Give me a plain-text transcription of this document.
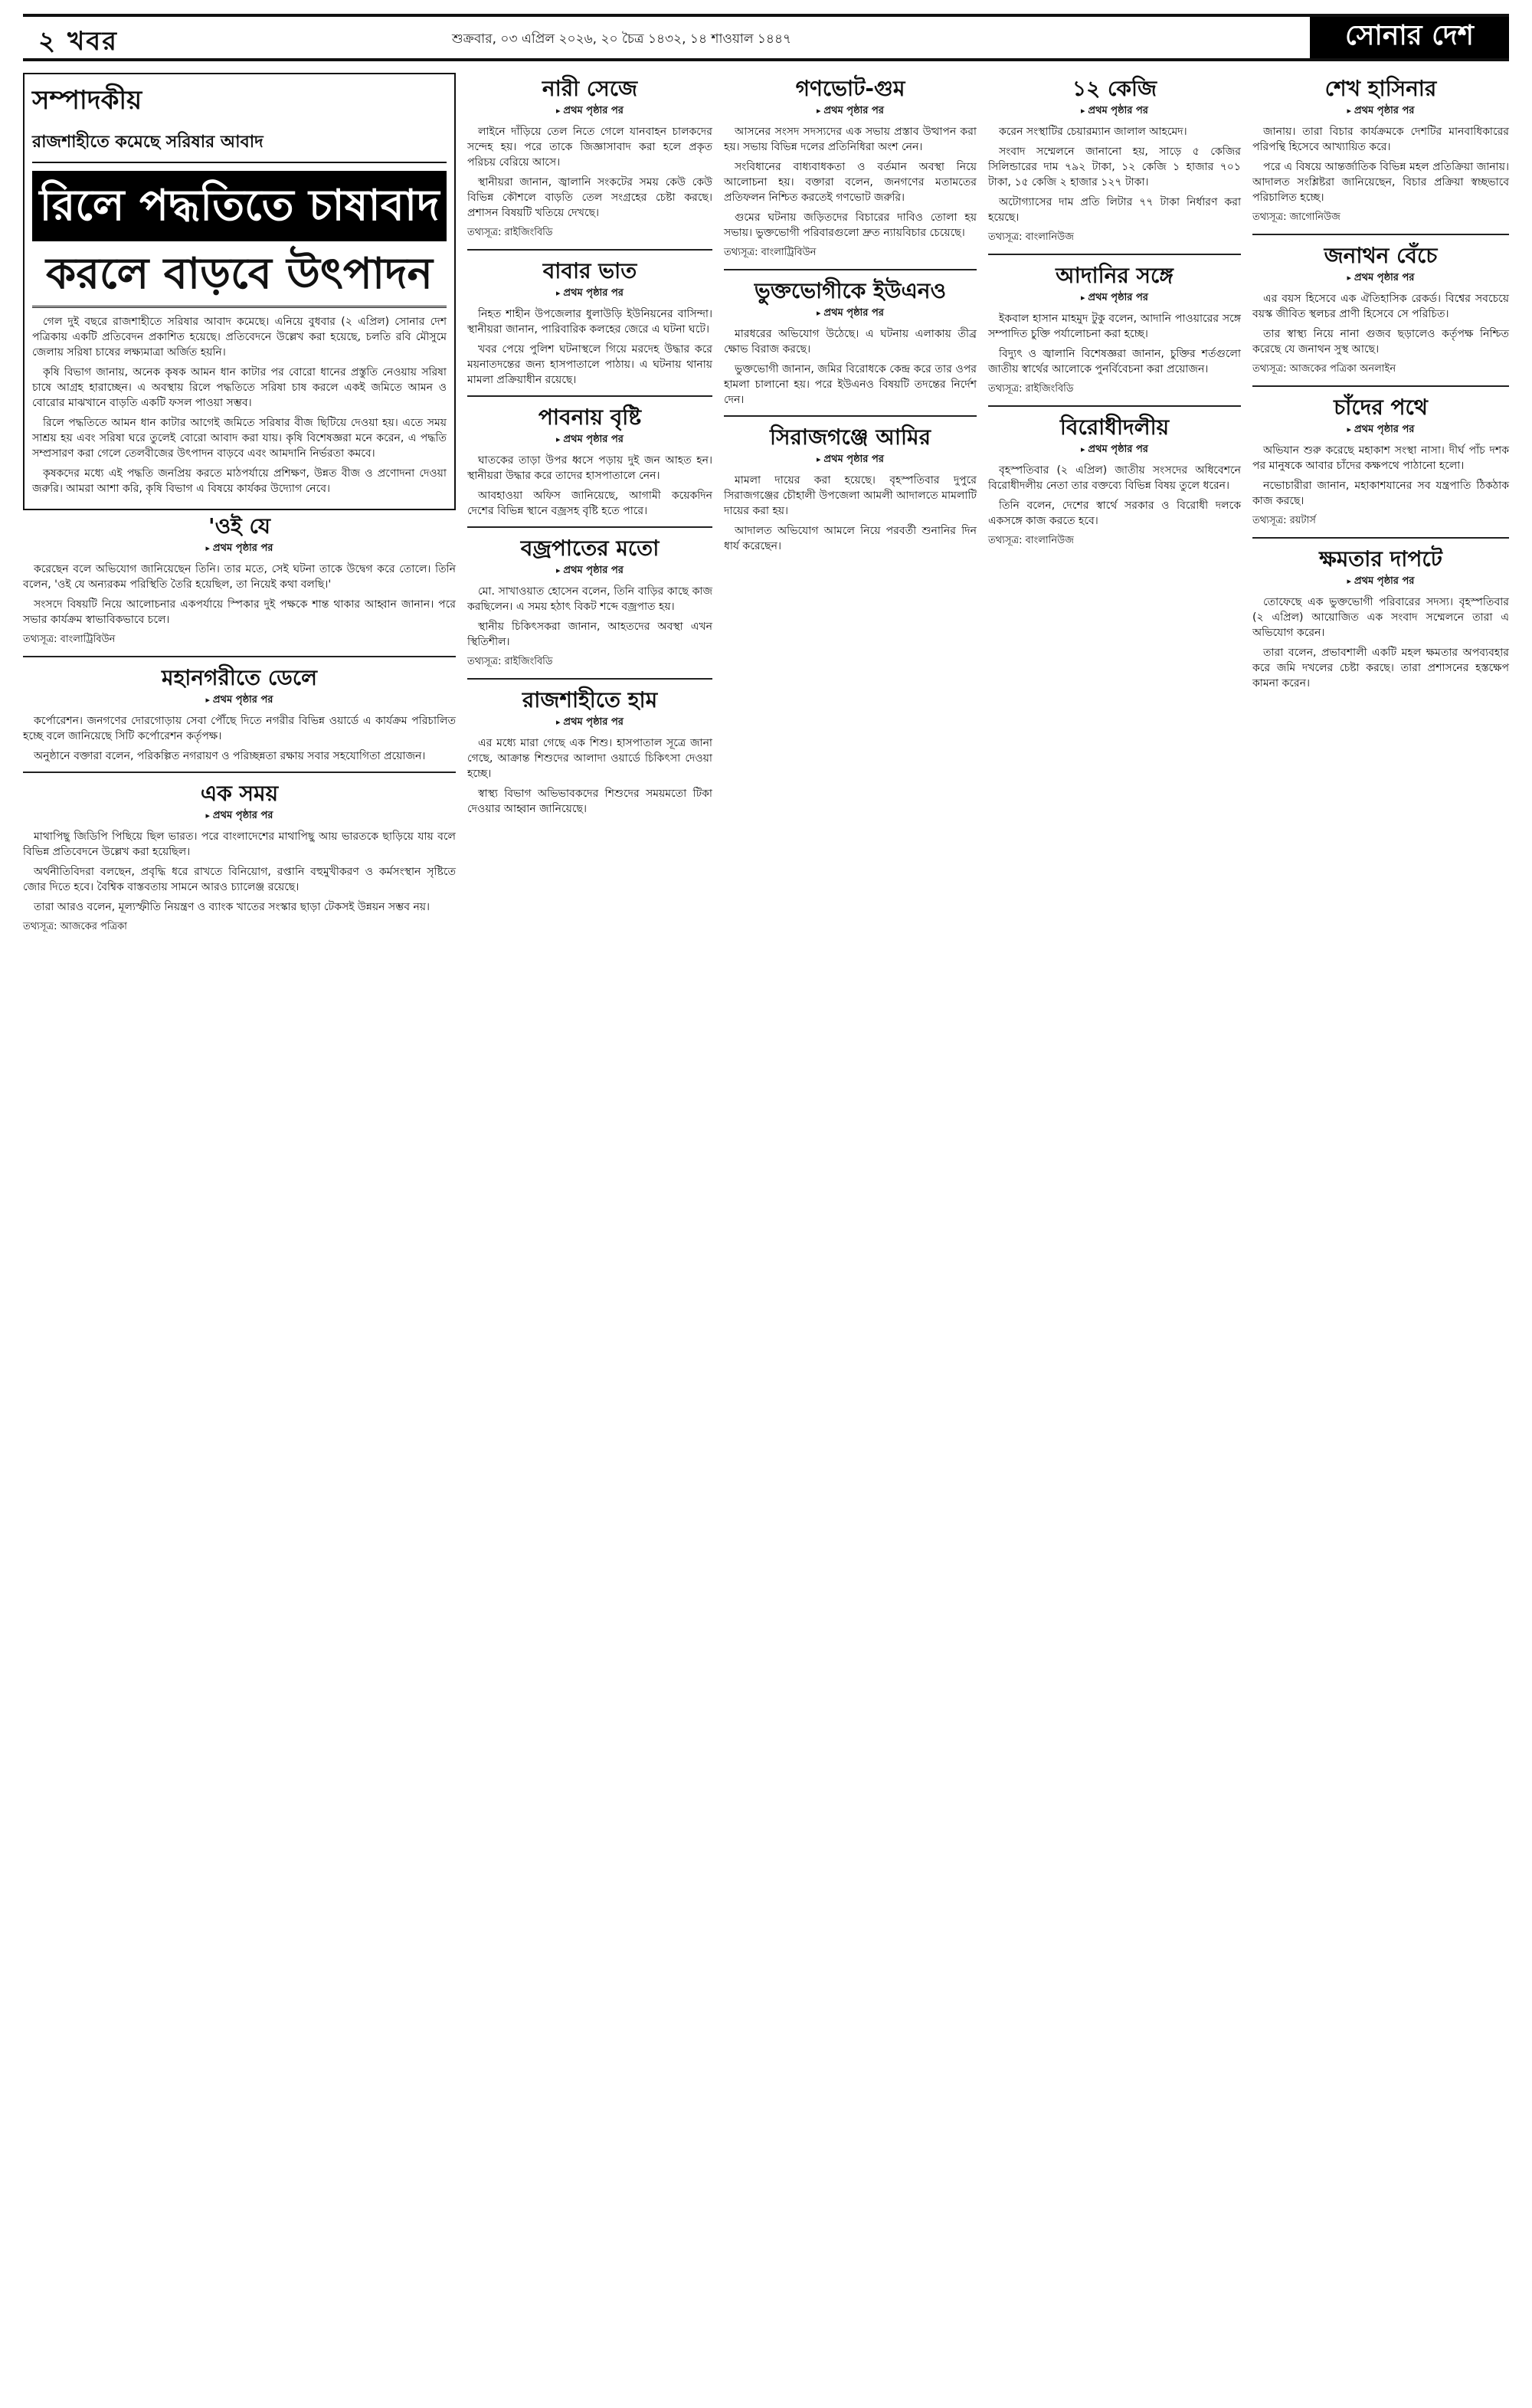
২ খবর	শুক্রবার, ০৩ এপ্রিল ২০২৬, ২০ চৈত্র ১৪৩২, ১৪ শাওয়াল ১৪৪৭	সোনার দেশ
সম্পাদকীয়
রাজশাহীতে কমেছে সরিষার আবাদ
রিলে পদ্ধতিতে চাষাবাদ
করলে বাড়বে উৎপাদন

গেল দুই বছরে রাজশাহীতে সরিষার আবাদ কমেছে। এনিয়ে বুধবার (২ এপ্রিল) সোনার দেশ পত্রিকায় একটি প্রতিবেদন প্রকাশিত হয়েছে। প্রতিবেদনে উল্লেখ করা হয়েছে, চলতি রবি মৌসুমে জেলায় সরিষা চাষের লক্ষ্যমাত্রা অর্জিত হয়নি।

কৃষি বিভাগ জানায়, অনেক কৃষক আমন ধান কাটার পর বোরো ধানের প্রস্তুতি নেওয়ায় সরিষা চাষে আগ্রহ হারাচ্ছেন। এ অবস্থায় রিলে পদ্ধতিতে সরিষা চাষ করলে একই জমিতে আমন ও বোরোর মাঝখানে বাড়তি একটি ফসল পাওয়া সম্ভব।

রিলে পদ্ধতিতে আমন ধান কাটার আগেই জমিতে সরিষার বীজ ছিটিয়ে দেওয়া হয়। এতে সময় সাশ্রয় হয় এবং সরিষা ঘরে তুলেই বোরো আবাদ করা যায়। কৃষি বিশেষজ্ঞরা মনে করেন, এ পদ্ধতি সম্প্রসারণ করা গেলে তেলবীজের উৎপাদন বাড়বে এবং আমদানি নির্ভরতা কমবে।

কৃষকদের মধ্যে এই পদ্ধতি জনপ্রিয় করতে মাঠপর্যায়ে প্রশিক্ষণ, উন্নত বীজ ও প্রণোদনা দেওয়া জরুরি। আমরা আশা করি, কৃষি বিভাগ এ বিষয়ে কার্যকর উদ্যোগ নেবে।

'ওই যে
▸ প্রথম পৃষ্ঠার পর

করেছেন বলে অভিযোগ জানিয়েছেন তিনি। তার মতে, সেই ঘটনা তাকে উদ্বেগ করে তোলে। তিনি বলেন, 'ওই যে অন্যরকম পরিস্থিতি তৈরি হয়েছিল, তা নিয়েই কথা বলছি।'

সংসদে বিষয়টি নিয়ে আলোচনার একপর্যায়ে স্পিকার দুই পক্ষকে শান্ত থাকার আহ্বান জানান। পরে সভার কার্যক্রম স্বাভাবিকভাবে চলে।

তথ্যসূত্র: বাংলাট্রিবিউন
মহানগরীতে ডেলে
▸ প্রথম পৃষ্ঠার পর

কর্পোরেশন। জনগণের দোরগোড়ায় সেবা পৌঁছে দিতে নগরীর বিভিন্ন ওয়ার্ডে এ কার্যক্রম পরিচালিত হচ্ছে বলে জানিয়েছে সিটি কর্পোরেশন কর্তৃপক্ষ।

অনুষ্ঠানে বক্তারা বলেন, পরিকল্পিত নগরায়ণ ও পরিচ্ছন্নতা রক্ষায় সবার সহযোগিতা প্রয়োজন।

এক সময়
▸ প্রথম পৃষ্ঠার পর

মাথাপিছু জিডিপি পিছিয়ে ছিল ভারত। পরে বাংলাদেশের মাথাপিছু আয় ভারতকে ছাড়িয়ে যায় বলে বিভিন্ন প্রতিবেদনে উল্লেখ করা হয়েছিল।

অর্থনীতিবিদরা বলছেন, প্রবৃদ্ধি ধরে রাখতে বিনিয়োগ, রপ্তানি বহুমুখীকরণ ও কর্মসংস্থান সৃষ্টিতে জোর দিতে হবে। বৈশ্বিক বাস্তবতায় সামনে আরও চ্যালেঞ্জ রয়েছে।

তারা আরও বলেন, মূল্যস্ফীতি নিয়ন্ত্রণ ও ব্যাংক খাতের সংস্কার ছাড়া টেকসই উন্নয়ন সম্ভব নয়।

তথ্যসূত্র: আজকের পত্রিকা
নারী সেজে
▸ প্রথম পৃষ্ঠার পর

লাইনে দাঁড়িয়ে তেল নিতে গেলে যানবাহন চালকদের সন্দেহ হয়। পরে তাকে জিজ্ঞাসাবাদ করা হলে প্রকৃত পরিচয় বেরিয়ে আসে।

স্থানীয়রা জানান, জ্বালানি সংকটের সময় কেউ কেউ বিভিন্ন কৌশলে বাড়তি তেল সংগ্রহের চেষ্টা করছে। প্রশাসন বিষয়টি খতিয়ে দেখছে।

তথ্যসূত্র: রাইজিংবিডি
বাবার ভাত
▸ প্রথম পৃষ্ঠার পর

নিহত শাহীন উপজেলার ধুলাউড়ি ইউনিয়নের বাসিন্দা। স্থানীয়রা জানান, পারিবারিক কলহের জেরে এ ঘটনা ঘটে।

খবর পেয়ে পুলিশ ঘটনাস্থলে গিয়ে মরদেহ উদ্ধার করে ময়নাতদন্তের জন্য হাসপাতালে পাঠায়। এ ঘটনায় থানায় মামলা প্রক্রিয়াধীন রয়েছে।

পাবনায় বৃষ্টি
▸ প্রথম পৃষ্ঠার পর

ঘাতকের তাড়া উপর ধ্বসে পড়ায় দুই জন আহত হন। স্থানীয়রা উদ্ধার করে তাদের হাসপাতালে নেন।

আবহাওয়া অফিস জানিয়েছে, আগামী কয়েকদিন দেশের বিভিন্ন স্থানে বজ্রসহ বৃষ্টি হতে পারে।

বজ্রপাতের মতো
▸ প্রথম পৃষ্ঠার পর

মো. সাখাওয়াত হোসেন বলেন, তিনি বাড়ির কাছে কাজ করছিলেন। এ সময় হঠাৎ বিকট শব্দে বজ্রপাত হয়।

স্থানীয় চিকিৎসকরা জানান, আহতদের অবস্থা এখন স্থিতিশীল।

তথ্যসূত্র: রাইজিংবিডি
রাজশাহীতে হাম
▸ প্রথম পৃষ্ঠার পর

এর মধ্যে মারা গেছে এক শিশু। হাসপাতাল সূত্রে জানা গেছে, আক্রান্ত শিশুদের আলাদা ওয়ার্ডে চিকিৎসা দেওয়া হচ্ছে।

স্বাস্থ্য বিভাগ অভিভাবকদের শিশুদের সময়মতো টিকা দেওয়ার আহ্বান জানিয়েছে।

গণভোট-গুম
▸ প্রথম পৃষ্ঠার পর

আসনের সংসদ সদস্যদের এক সভায় প্রস্তাব উত্থাপন করা হয়। সভায় বিভিন্ন দলের প্রতিনিধিরা অংশ নেন।

সংবিধানের বাধ্যবাধকতা ও বর্তমান অবস্থা নিয়ে আলোচনা হয়। বক্তারা বলেন, জনগণের মতামতের প্রতিফলন নিশ্চিত করতেই গণভোট জরুরি।

গুমের ঘটনায় জড়িতদের বিচারের দাবিও তোলা হয় সভায়। ভুক্তভোগী পরিবারগুলো দ্রুত ন্যায়বিচার চেয়েছে।

তথ্যসূত্র: বাংলাট্রিবিউন
ভুক্তভোগীকে ইউএনও
▸ প্রথম পৃষ্ঠার পর

মারধরের অভিযোগ উঠেছে। এ ঘটনায় এলাকায় তীব্র ক্ষোভ বিরাজ করছে।

ভুক্তভোগী জানান, জমির বিরোধকে কেন্দ্র করে তার ওপর হামলা চালানো হয়। পরে ইউএনও বিষয়টি তদন্তের নির্দেশ দেন।

সিরাজগঞ্জে আমির
▸ প্রথম পৃষ্ঠার পর

মামলা দায়ের করা হয়েছে। বৃহস্পতিবার দুপুরে সিরাজগঞ্জের চৌহালী উপজেলা আমলী আদালতে মামলাটি দায়ের করা হয়।

আদালত অভিযোগ আমলে নিয়ে পরবর্তী শুনানির দিন ধার্য করেছেন।

১২ কেজি
▸ প্রথম পৃষ্ঠার পর

করেন সংস্থাটির চেয়ারম্যান জালাল আহমেদ।

সংবাদ সম্মেলনে জানানো হয়, সাড়ে ৫ কেজির সিলিন্ডারের দাম ৭৯২ টাকা, ১২ কেজি ১ হাজার ৭০১ টাকা, ১৫ কেজি ২ হাজার ১২৭ টাকা।

অটোগ্যাসের দাম প্রতি লিটার ৭৭ টাকা নির্ধারণ করা হয়েছে।

তথ্যসূত্র: বাংলানিউজ
আদানির সঙ্গে
▸ প্রথম পৃষ্ঠার পর

ইকবাল হাসান মাহমুদ টুকু বলেন, আদানি পাওয়ারের সঙ্গে সম্পাদিত চুক্তি পর্যালোচনা করা হচ্ছে।

বিদ্যুৎ ও জ্বালানি বিশেষজ্ঞরা জানান, চুক্তির শর্তগুলো জাতীয় স্বার্থের আলোকে পুনর্বিবেচনা করা প্রয়োজন।

তথ্যসূত্র: রাইজিংবিডি
বিরোধীদলীয়
▸ প্রথম পৃষ্ঠার পর

বৃহস্পতিবার (২ এপ্রিল) জাতীয় সংসদের অধিবেশনে বিরোধীদলীয় নেতা তার বক্তব্যে বিভিন্ন বিষয় তুলে ধরেন।

তিনি বলেন, দেশের স্বার্থে সরকার ও বিরোধী দলকে একসঙ্গে কাজ করতে হবে।

তথ্যসূত্র: বাংলানিউজ
শেখ হাসিনার
▸ প্রথম পৃষ্ঠার পর

জানায়। তারা বিচার কার্যক্রমকে দেশটির মানবাধিকারের পরিপন্থি হিসেবে আখ্যায়িত করে।

পরে এ বিষয়ে আন্তর্জাতিক বিভিন্ন মহল প্রতিক্রিয়া জানায়। আদালত সংশ্লিষ্টরা জানিয়েছেন, বিচার প্রক্রিয়া স্বচ্ছভাবে পরিচালিত হচ্ছে।

তথ্যসূত্র: জাগোনিউজ
জনাথন বেঁচে
▸ প্রথম পৃষ্ঠার পর

এর বয়স হিসেবে এক ঐতিহাসিক রেকর্ড। বিশ্বের সবচেয়ে বয়স্ক জীবিত স্থলচর প্রাণী হিসেবে সে পরিচিত।

তার স্বাস্থ্য নিয়ে নানা গুজব ছড়ালেও কর্তৃপক্ষ নিশ্চিত করেছে যে জনাথন সুস্থ আছে।

তথ্যসূত্র: আজকের পত্রিকা অনলাইন
চাঁদের পথে
▸ প্রথম পৃষ্ঠার পর

অভিযান শুরু করেছে মহাকাশ সংস্থা নাসা। দীর্ঘ পাঁচ দশক পর মানুষকে আবার চাঁদের কক্ষপথে পাঠানো হলো।

নভোচারীরা জানান, মহাকাশযানের সব যন্ত্রপাতি ঠিকঠাক কাজ করছে।

তথ্যসূত্র: রয়টার্স
ক্ষমতার দাপটে
▸ প্রথম পৃষ্ঠার পর

তোফেছে এক ভুক্তভোগী পরিবারের সদস্য। বৃহস্পতিবার (২ এপ্রিল) আয়োজিত এক সংবাদ সম্মেলনে তারা এ অভিযোগ করেন।

তারা বলেন, প্রভাবশালী একটি মহল ক্ষমতার অপব্যবহার করে জমি দখলের চেষ্টা করছে। তারা প্রশাসনের হস্তক্ষেপ কামনা করেন।
